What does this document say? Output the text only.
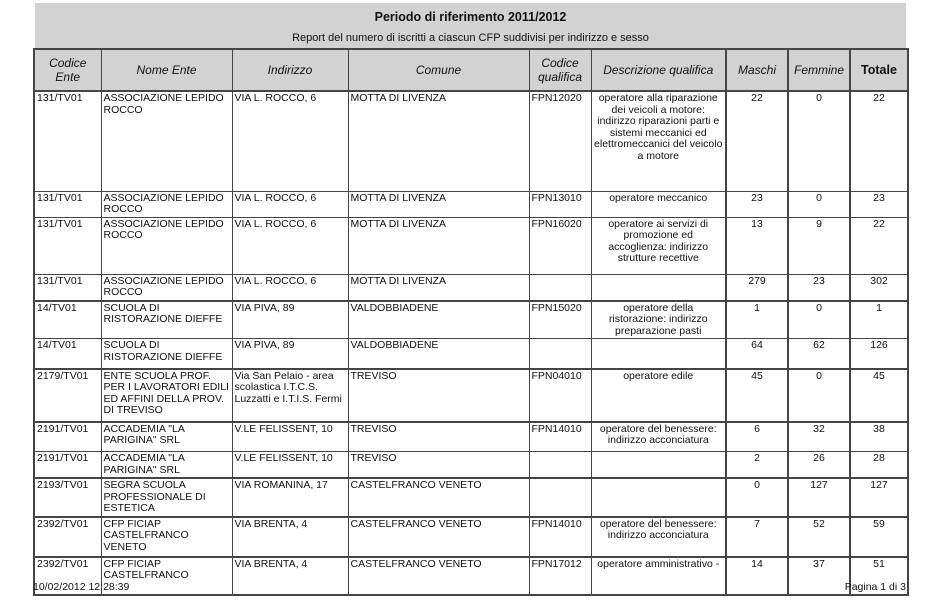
Periodo di riferimento 2011/2012
Report del numero di iscritti a ciascun CFP suddivisi per indirizzo e sesso
Codice Ente	Nome Ente	Indirizzo	Comune	Codice qualifica	Descrizione qualifica	Maschi	Femmine	Totale
131/TV01	ASSOCIAZIONE LEPIDO ROCCO	VIA L. ROCCO, 6	MOTTA DI LIVENZA	FPN12020	operatore alla riparazione dei veicoli a motore: indirizzo riparazioni parti e sistemi meccanici ed elettromeccanici del veicolo a motore	22	0	22
131/TV01	ASSOCIAZIONE LEPIDO ROCCO	VIA L. ROCCO, 6	MOTTA DI LIVENZA	FPN13010	operatore meccanico	23	0	23
131/TV01	ASSOCIAZIONE LEPIDO ROCCO	VIA L. ROCCO, 6	MOTTA DI LIVENZA	FPN16020	operatore ai servizi di promozione ed accoglienza: indirizzo strutture recettive	13	9	22
131/TV01	ASSOCIAZIONE LEPIDO ROCCO	VIA L. ROCCO, 6	MOTTA DI LIVENZA			279	23	302
14/TV01	SCUOLA DI RISTORAZIONE DIEFFE	VIA PIVA, 89	VALDOBBIADENE	FPN15020	operatore della ristorazione: indirizzo preparazione pasti	1	0	1
14/TV01	SCUOLA DI RISTORAZIONE DIEFFE	VIA PIVA, 89	VALDOBBIADENE			64	62	126
2179/TV01	ENTE SCUOLA PROF. PER I LAVORATORI EDILI ED AFFINI DELLA PROV. DI TREVISO	Via San Pelaio - area scolastica I.T.C.S. Luzzatti e I.T.I.S. Fermi	TREVISO	FPN04010	operatore edile	45	0	45
2191/TV01	ACCADEMIA "LA PARIGINA" SRL	V.LE FELISSENT, 10	TREVISO	FPN14010	operatore del benessere: indirizzo acconciatura	6	32	38
2191/TV01	ACCADEMIA "LA PARIGINA" SRL	V.LE FELISSENT, 10	TREVISO			2	26	28
2193/TV01	SEGRA SCUOLA PROFESSIONALE DI ESTETICA	VIA ROMANINA, 17	CASTELFRANCO VENETO			0	127	127
2392/TV01	CFP FICIAP CASTELFRANCO VENETO	VIA BRENTA, 4	CASTELFRANCO VENETO	FPN14010	operatore del benessere: indirizzo acconciatura	7	52	59
2392/TV01	CFP FICIAP CASTELFRANCO	VIA BRENTA, 4	CASTELFRANCO VENETO	FPN17012	operatore amministrativo -	14	37	51
10/02/2012 12:28:39	Pagina 1 di 3
